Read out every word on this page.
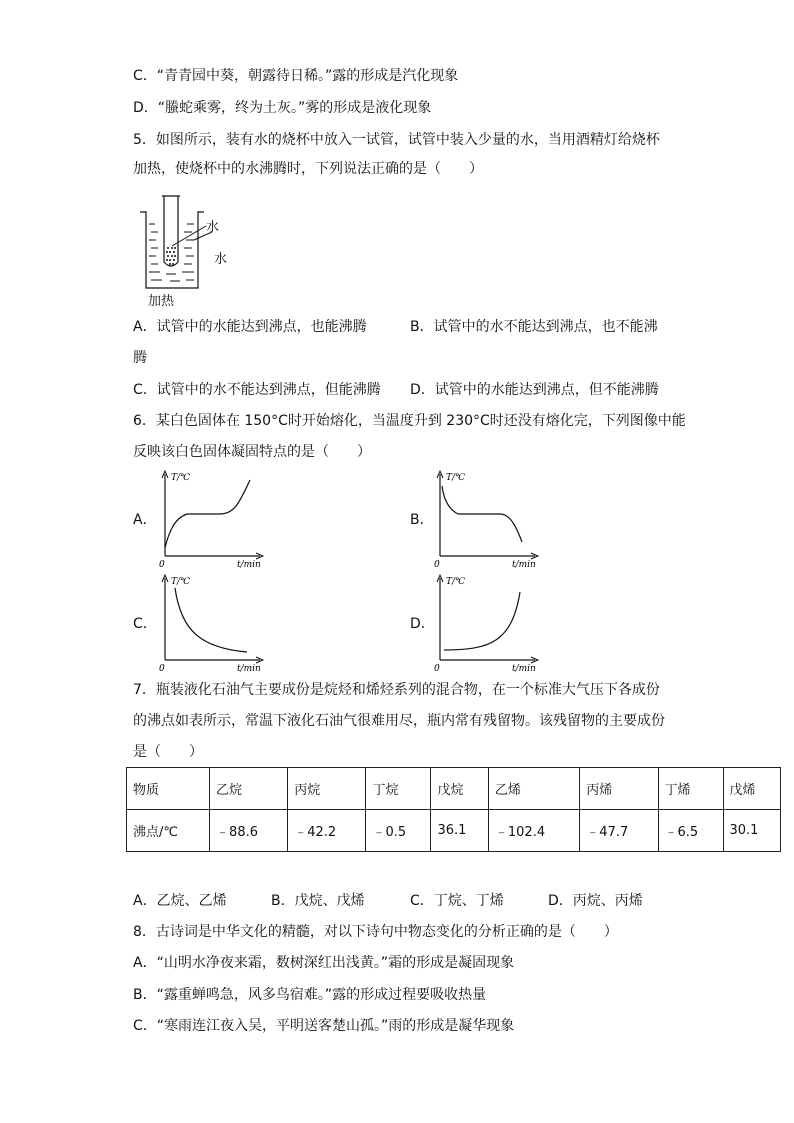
C．“青青园中葵，朝露待日稀。”露的形成是汽化现象
D．“螣蛇乘雾，终为土灰。”雾的形成是液化现象
5．如图所示，装有水的烧杯中放入一试管，试管中装入少量的水，当用酒精灯给烧杯
加热，使烧杯中的水沸腾时，下列说法正确的是（　　）
水
水
加热
A．试管中的水能达到沸点，也能沸腾	B．试管中的水不能达到沸点，也不能沸
腾
C．试管中的水不能达到沸点，但能沸腾 D．试管中的水能达到沸点，但不能沸腾
6．某白色固体在 150°C时开始熔化，当温度升到 230°C时还没有熔化完，下列图像中能
反映该白色固体凝固特点的是（　　）
A．
T/℃
t/min
0
B．
T/℃
t/min
0
C．
T/℃
t/min
0
D．
T/℃
t/min
0
7．瓶装液化石油气主要成份是烷烃和烯烃系列的混合物，在一个标准大气压下各成份
的沸点如表所示，常温下液化石油气很难用尽，瓶内常有残留物。该残留物的主要成份
是（　　）
物质	乙烷	丙烷	丁烷	戊烷	乙烯	丙烯	丁烯	戊烯
沸点/℃	﹣88.6	﹣42.2	﹣0.5	36.1	﹣102.4	﹣47.7	﹣6.5	30.1
A．乙烷、乙烯	B．戊烷、戊烯	C．丁烷、丁烯	D．丙烷、丙烯
8．古诗词是中华文化的精髓，对以下诗句中物态变化的分析正确的是（　　）
A．“山明水净夜来霜，数树深红出浅黄。”霜的形成是凝固现象
B．“露重蝉鸣急，风多鸟宿难。”露的形成过程要吸收热量
C．“寒雨连江夜入吴，平明送客楚山孤。”雨的形成是凝华现象
